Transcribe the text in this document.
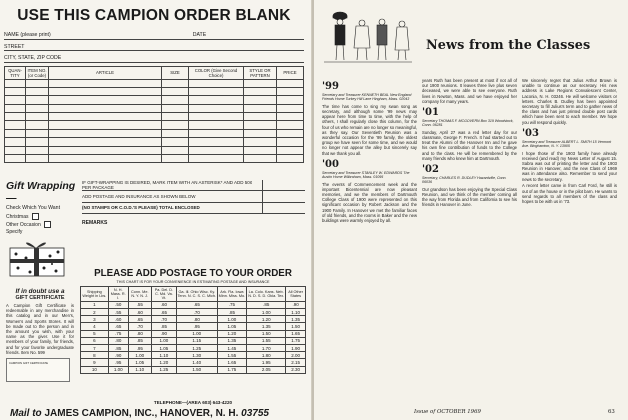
USE THIS CAMPION ORDER BLANK
NAME (please print)	DATE
STREET
CITY, STATE, ZIP CODE
QUAN-TITY	ITEM NO. (or Code)	ARTICLE	SIZE	COLOR (Give Second Choice)	STYLE OR PATTERN	PRICE

Gift Wrapping—
Check Which You Want
Christmas
Other Occasion
Specify
IF GIFT-WRAPPING IS DESIRED, MARK ITEM WITH AN ASTERISK* AND ADD 50¢ PER PACKAGE
ADD POSTAGE AND INSURANCE AS SHOWN BELOW
(NO STAMPS OR C.O.D.'S PLEASE) TOTAL ENCLOSED
REMARKS
If in doubt use a
GIFT CERTIFICATE
A Campion Gift Certificate is redeemable in any merchandise in this catalog and in our Men's, Women's and Sports Stores. It will be made out to the person and in the amount you wish, with your name as the giver. Use it for members of your family, for friends, and for your favorite undergraduate friends. Item No. 599
CAMPION GIFT CERTIFICATE
PLEASE ADD POSTAGE TO YOUR ORDER
THIS CHART IS FOR YOUR CONVENIENCE IN ESTIMATING POSTAGE AND INSURANCE
Shipping Weight in Lbs.	N. H. Mass. R. I.	Conn. Me. N. Y. N. J.	Pa. Del. D. C. Md. Va. Vt.	Ga. Ill. Ohio Wisc. Ky. Tenn. N. C. S. C. Mich.	Ark. Fla. Iowa Minn. Miss. Mo.	La. Colo. Kans. Neb. N. D. S. D. Okla. Tex.	All Other States
1	.50	.55	.60	.65	.75	.85	.90
2	.55	.60	.65	.70	.85	1.00	1.10
3	.60	.65	.70	.80	1.00	1.20	1.35
4	.65	.70	.85	.95	1.05	1.35	1.50
5	.75	.80	.90	1.00	1.20	1.50	1.65
6	.80	.85	1.00	1.15	1.35	1.55	1.75
7	.85	.95	1.05	1.25	1.45	1.70	1.90
8	.90	1.00	1.10	1.30	1.55	1.80	2.00
9	.95	1.05	1.20	1.40	1.65	1.95	2.15
10	1.00	1.10	1.25	1.50	1.75	2.05	2.30
TELEPHONE—(AREA 603) 643-4220
Mail to JAMES CAMPION, INC., HANOVER, N. H. 03755
News from the Classes
'99
Secretary and Treasurer KENNETH BEAL New England Friends Home Turkey Hill Lane Hingham, Mass. 02043

The time has come to sing my swan song as secretary, and although some '99 news may appear here from time to time, with the help of others, I shall regularly close this column, for the four of us who remain are no longer so meaningful, as they say. Our Seventieth Reunion was a wonderful occasion for the '99 family, the oldest group we have seen for some time, and we would no longer not appear the alley but sincerely say that we thank you all.

'00
Secretary and Treasurer STANLEY W. EDWARDS The Austin Home Wilbraham, Mass. 01095

The events of Commencement week and the important Bicentennial are now pleasant memories, and we the members of Dartmouth College Class of 1900 were represented on this significant occasion by Robert Jackson and the 1900 Family. In Hanover we met the familiar faces of old friends, and the rooms in Baker and the new buildings were warmly enjoyed by all.

years Ruth has been present at most if not all of our 1900 reunions. It leaves three live plus seven deceased, we were able to see everyone. Ruth lives in Newton, Mass. and we have enjoyed her company for many years.

'01
Secretary THOMAS F. MCGOVERN Box 319 Woodstock, Conn. 06281

Sunday, April 27 was a red letter day for our classmate, George F. French. It had started out to treat the Alumni of the Hanover Inn and he gave his own fine contribution of funds to the College and to the class. He will be remembered by the many friends who knew him at Dartmouth.

'02
Secretary, CHARLES R. DUDLEY Hazardville, Conn. 06036

Our grandson has been enjoying the Special Class Reunion, and we think of the member coming all the way from Florida and from California to see his friends in Hanover in June.

We sincerely regret that Julius Arthur Brown is unable to continue as our secretary. His new address is Lake Regions Convalescent Center, Laconia, N. H. 03246. He will welcome visitors or letters. Charles B. Dudley has been appointed secretary to fill Julius's term and to gather news of the class and has just printed double post cards which have been sent to each member. We hope you will respond quickly.

'03
Secretary and Treasurer ALBERT L. SMITH 15 Vermont Ave. Binghamton, N. Y. 13905

I hope those of the 1903 family have already received (and read) my News Letter of August 15. Sabra was out of printing the letter and the 1903 Reunion in Hanover, and the new Class of 1969 was in attendance also. Remember to send your news to the secretary.

A recent letter came in from Carl Ford, he still is out of an the house or in the pilot barn. He wants to send regards to all members of the class and hopes to be with us in '73.

Issue of OCTOBER 1969	63
